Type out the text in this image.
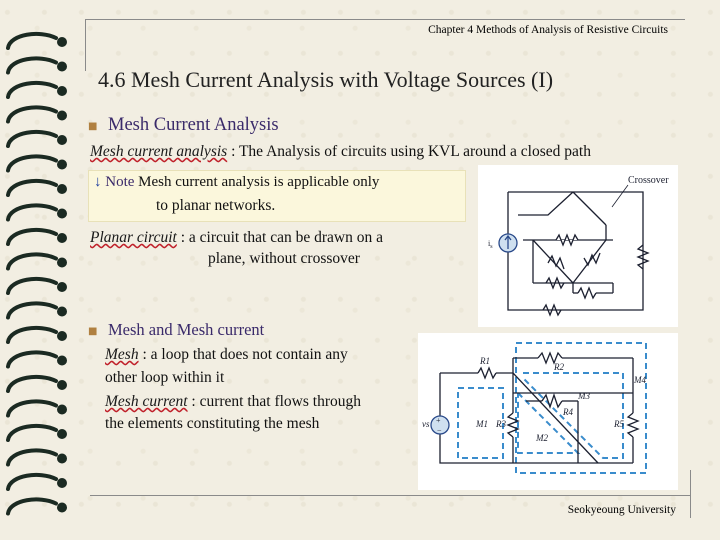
Chapter 4 Methods of Analysis of Resistive Circuits
4.6 Mesh Current Analysis with Voltage Sources (I)
■ Mesh Current Analysis
Mesh current analysis : The Analysis of circuits using KVL around a closed path
↓ Note Mesh current analysis is applicable only
to planar networks.
Planar circuit : a circuit that can be drawn on a
plane, without crossover
■ Mesh and Mesh current
Mesh : a loop that does not contain any
other loop within it
Mesh current : current that flows through
the elements constituting the mesh
$i_s$
Crossover
+
−
vs
R1
R2
R3
R4
R5
M1
M2
M3
M4
Seokyeoung University
